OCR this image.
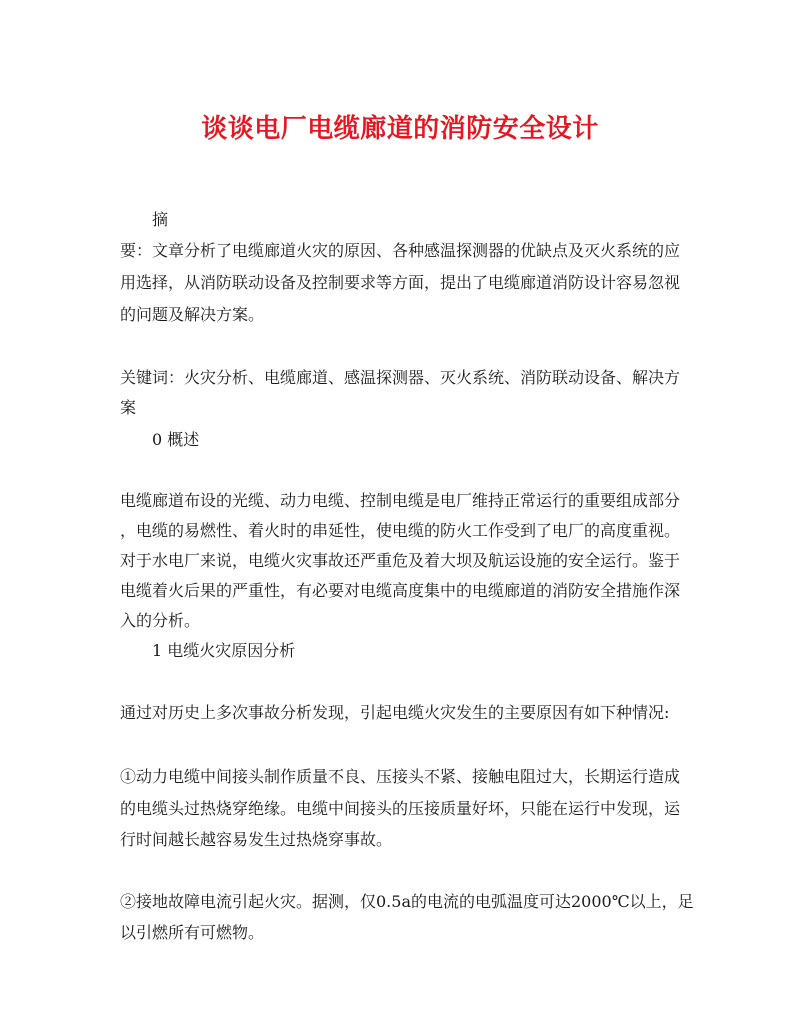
谈谈电厂电缆廊道的消防安全设计
摘
要：文章分析了电缆廊道火灾的原因、各种感温探测器的优缺点及灭火系统的应
用选择，从消防联动设备及控制要求等方面，提出了电缆廊道消防设计容易忽视
的问题及解决方案。
关键词：火灾分析、电缆廊道、感温探测器、灭火系统、消防联动设备、解决方
案
0 概述
电缆廊道布设的光缆、动力电缆、控制电缆是电厂维持正常运行的重要组成部分
，电缆的易燃性、着火时的串延性，使电缆的防火工作受到了电厂的高度重视。
对于水电厂来说，电缆火灾事故还严重危及着大坝及航运设施的安全运行。鉴于
电缆着火后果的严重性，有必要对电缆高度集中的电缆廊道的消防安全措施作深
入的分析。
1 电缆火灾原因分析
通过对历史上多次事故分析发现，引起电缆火灾发生的主要原因有如下种情况:
①动力电缆中间接头制作质量不良、压接头不紧、接触电阻过大，长期运行造成
的电缆头过热烧穿绝缘。电缆中间接头的压接质量好坏，只能在运行中发现，运
行时间越长越容易发生过热烧穿事故。
②接地故障电流引起火灾。据测，仅0.5a的电流的电弧温度可达2000℃以上，足
以引燃所有可燃物。
